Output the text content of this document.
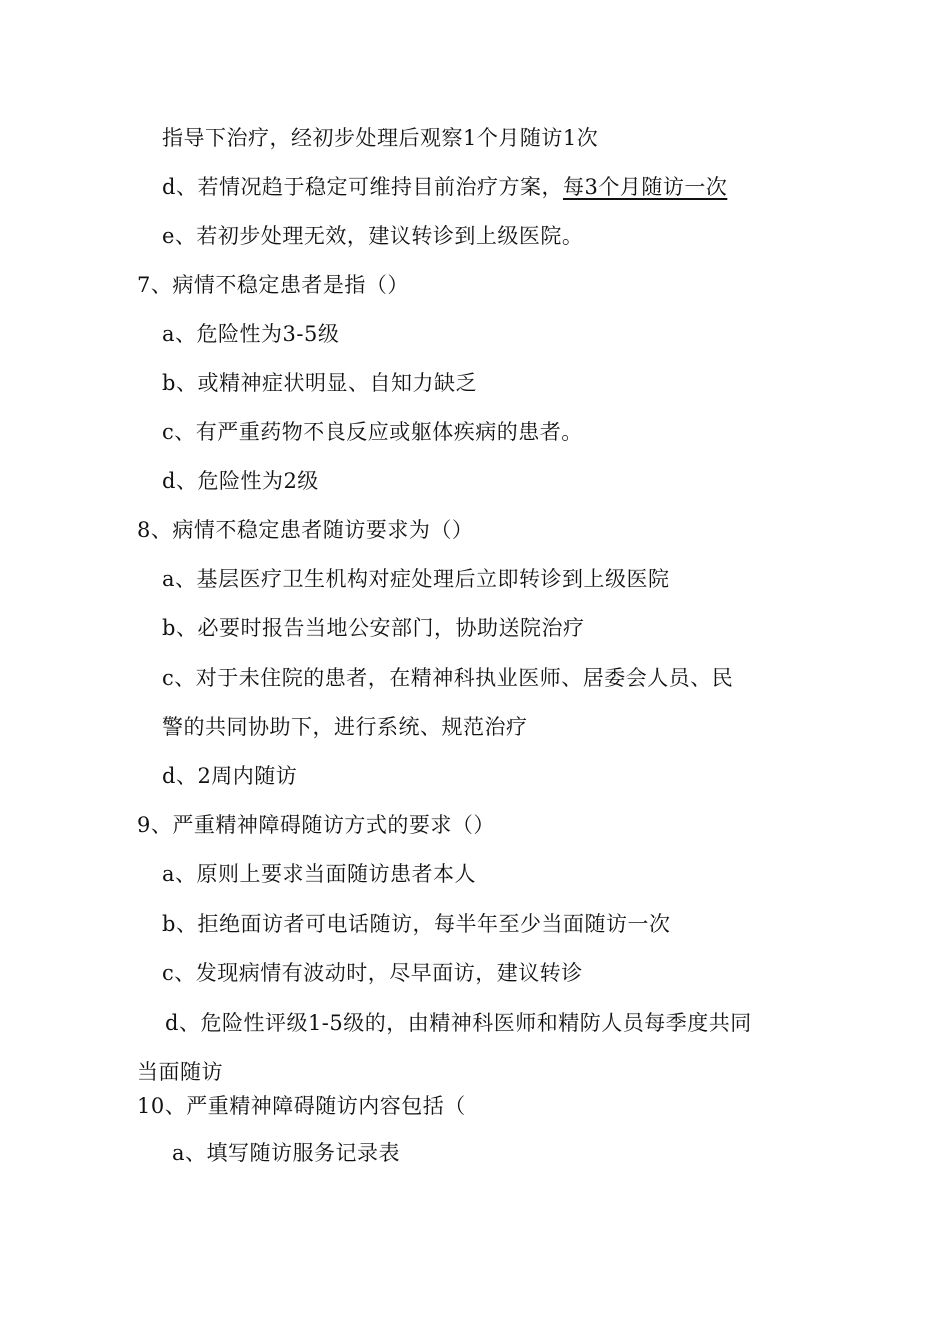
指导下治疗，经初步处理后观察1个月随访1次
d、若情况趋于稳定可维持目前治疗方案，每3个月随访一次
e、若初步处理无效，建议转诊到上级医院。
7、病情不稳定患者是指（）
a、危险性为3-5级
b、或精神症状明显、自知力缺乏
c、有严重药物不良反应或躯体疾病的患者。
d、危险性为2级
8、病情不稳定患者随访要求为（）
a、基层医疗卫生机构对症处理后立即转诊到上级医院
b、必要时报告当地公安部门，协助送院治疗
c、对于未住院的患者，在精神科执业医师、居委会人员、民
警的共同协助下，进行系统、规范治疗
d、2周内随访
9、严重精神障碍随访方式的要求（）
a、原则上要求当面随访患者本人
b、拒绝面访者可电话随访，每半年至少当面随访一次
c、发现病情有波动时，尽早面访，建议转诊
d、危险性评级1-5级的，由精神科医师和精防人员每季度共同
当面随访
10、严重精神障碍随访内容包括（
a、填写随访服务记录表
